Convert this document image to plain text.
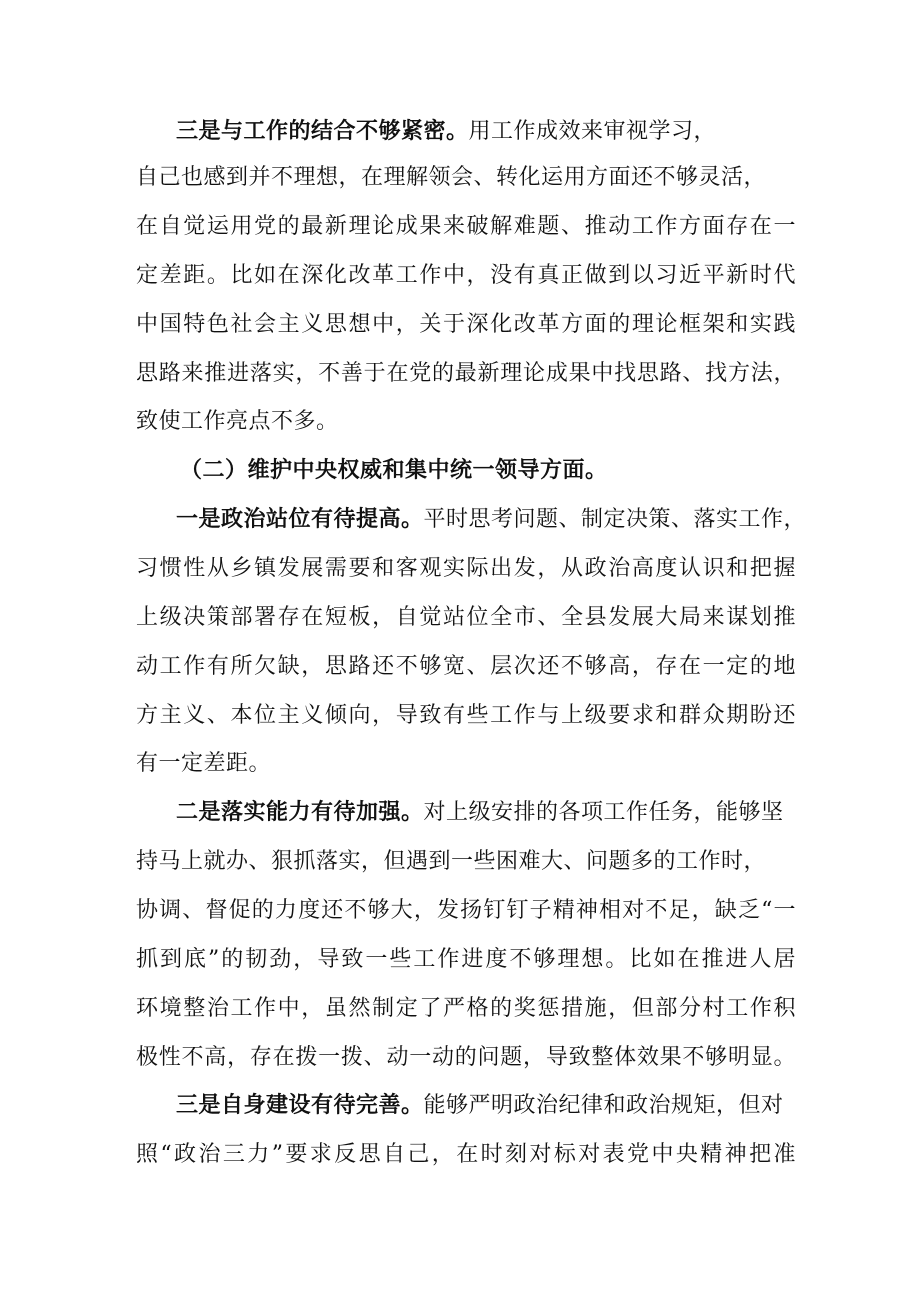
三是与工作的结合不够紧密。用工作成效来审视学习，
自己也感到并不理想，在理解领会、转化运用方面还不够灵活，
在自觉运用党的最新理论成果来破解难题、推动工作方面存在一
定差距。比如在深化改革工作中，没有真正做到以习近平新时代
中国特色社会主义思想中，关于深化改革方面的理论框架和实践
思路来推进落实，不善于在党的最新理论成果中找思路、找方法，
致使工作亮点不多。
（二）维护中央权威和集中统一领导方面。
一是政治站位有待提高。平时思考问题、制定决策、落实工作，
习惯性从乡镇发展需要和客观实际出发，从政治高度认识和把握
上级决策部署存在短板，自觉站位全市、全县发展大局来谋划推
动工作有所欠缺，思路还不够宽、层次还不够高，存在一定的地
方主义、本位主义倾向，导致有些工作与上级要求和群众期盼还
有一定差距。
二是落实能力有待加强。对上级安排的各项工作任务，能够坚
持马上就办、狠抓落实，但遇到一些困难大、问题多的工作时，
协调、督促的力度还不够大，发扬钉钉子精神相对不足，缺乏“一
抓到底”的韧劲，导致一些工作进度不够理想。比如在推进人居
环境整治工作中，虽然制定了严格的奖惩措施，但部分村工作积
极性不高，存在拨一拨、动一动的问题，导致整体效果不够明显。
三是自身建设有待完善。能够严明政治纪律和政治规矩，但对
照“政治三力”要求反思自己，在时刻对标对表党中央精神把准
